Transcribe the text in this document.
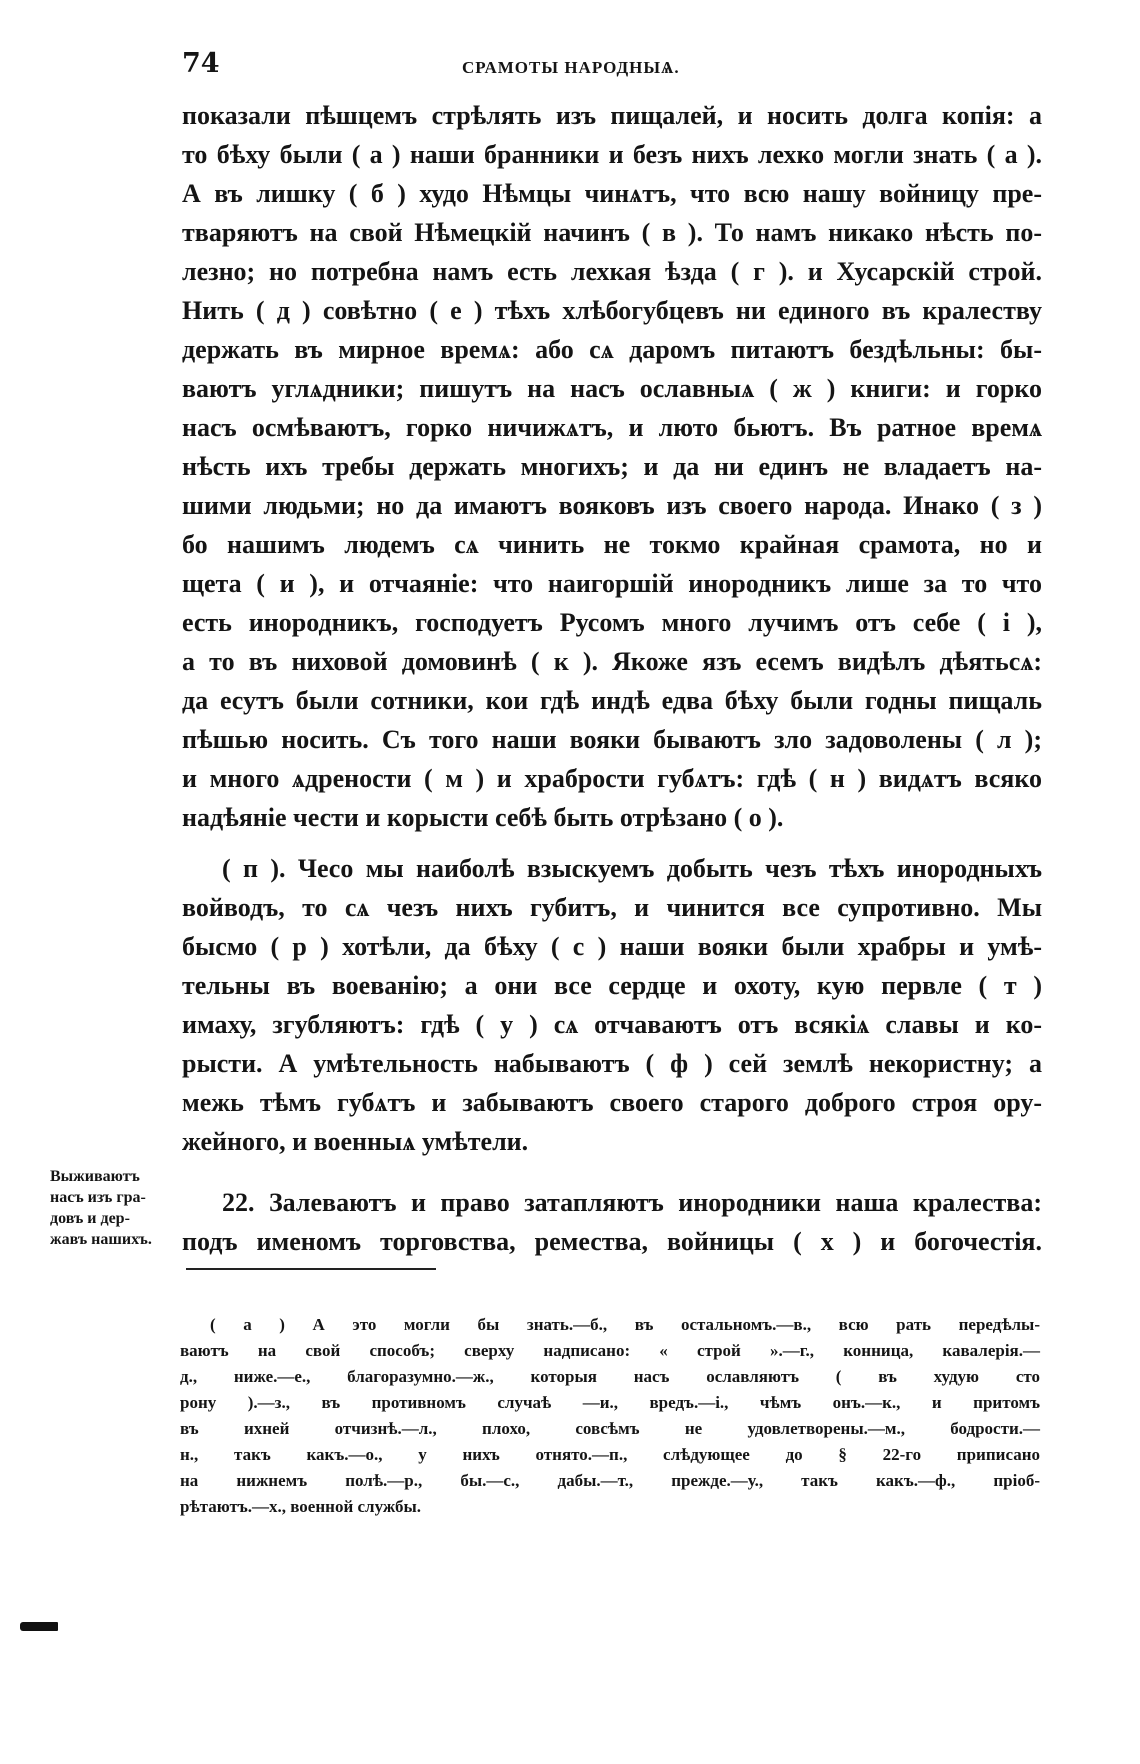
74	СРАМОТЫ НАРОДНЫѦ.

показали пѣшцемъ стрѣлять изъ пищалей, и носить долга копія: а
то бѣху были ( а ) наши бранники и безъ нихъ лехко могли знать ( а ).
А въ лишку ( б ) худо Нѣмцы чинѧтъ, что всю нашу войницу пре-
тваряютъ на свой Нѣмецкій начинъ ( в ). То намъ никако нѣсть по-
лезно; но потребна намъ есть лехкая ѣзда ( г ). и Хусарскій строй.
Нить ( д ) совѣтно ( е ) тѣхъ хлѣбогубцевъ ни единого въ кралеству
держать въ мирное времѧ: або сѧ даромъ питаютъ бездѣльны: бы-
ваютъ углѧдники; пишутъ на насъ ославныѧ ( ж ) книги: и горко
насъ осмѣваютъ, горко ничижѧтъ, и люто бьютъ. Въ ратное времѧ
нѣсть ихъ требы держать многихъ; и да ни единъ не владаетъ на-
шими людьми; но да имаютъ вояковъ изъ своего народа. Инако ( з )
бо нашимъ людемъ сѧ чинить не токмо крайная срамота, но и
щета ( и ), и отчаяніе: что наигоршій инородникъ лише за то что
есть инородникъ, господуетъ Русомъ много лучимъ отъ себе ( і ),
а то въ ниховой домовинѣ ( к ). Якоже язъ есемъ видѣлъ дѣятьсѧ:
да есутъ были сотники, кои гдѣ индѣ едва бѣху были годны пищаль
пѣшью носить. Съ того наши вояки бываютъ зло задоволены ( л );
и много ѧдрености ( м ) и храбрости губѧтъ: гдѣ ( н ) видѧтъ всяко
надѣяніе чести и корысти себѣ быть отрѣзано ( о ).

( п ). Чесо мы наиболѣ взыскуемъ добыть чезъ тѣхъ инородныхъ
войводъ, то сѧ чезъ нихъ губитъ, и чинится все супротивно. Мы
бысмо ( р ) хотѣли, да бѣху ( с ) наши вояки были храбры и умѣ-
тельны въ воеванію; а они все сердце и охоту, кую первле ( т )
имаху, згубляютъ: гдѣ ( у ) сѧ отчаваютъ отъ всякіѧ славы и ко-
рысти. А умѣтельность набываютъ ( ф ) сей землѣ некористну; а
межь тѣмъ губѧтъ и забываютъ своего старого доброго строя ору-
жейного, и военныѧ умѣтели.

22. Залеваютъ и право затапляютъ инородники наша кралества:
подъ именомъ торговства, ремества, войницы ( х ) и богочестія.

Выживаютъ
насъ изъ гра-
довъ и дер-
жавъ нашихъ.
( а ) А это могли бы знать.—б., въ остальномъ.—в., всю рать передѣлы-
ваютъ на свой способъ; сверху надписано: « строй ».—г., конница, кавалерія.—
д., ниже.—е., благоразумно.—ж., которыя насъ ославляютъ ( въ худую сто
рону ).—з., въ противномъ случаѣ —и., вредъ.—і., чѣмъ онъ.—к., и притомъ
въ ихней отчизнѣ.—л., плохо, совсѣмъ не удовлетворены.—м., бодрости.—
н., такъ какъ.—о., у нихъ отнято.—п., слѣдующее до § 22-го приписано
на нижнемъ полѣ.—р., бы.—с., дабы.—т., прежде.—у., такъ какъ.—ф., пріоб-
рѣтаютъ.—х., военной службы.
